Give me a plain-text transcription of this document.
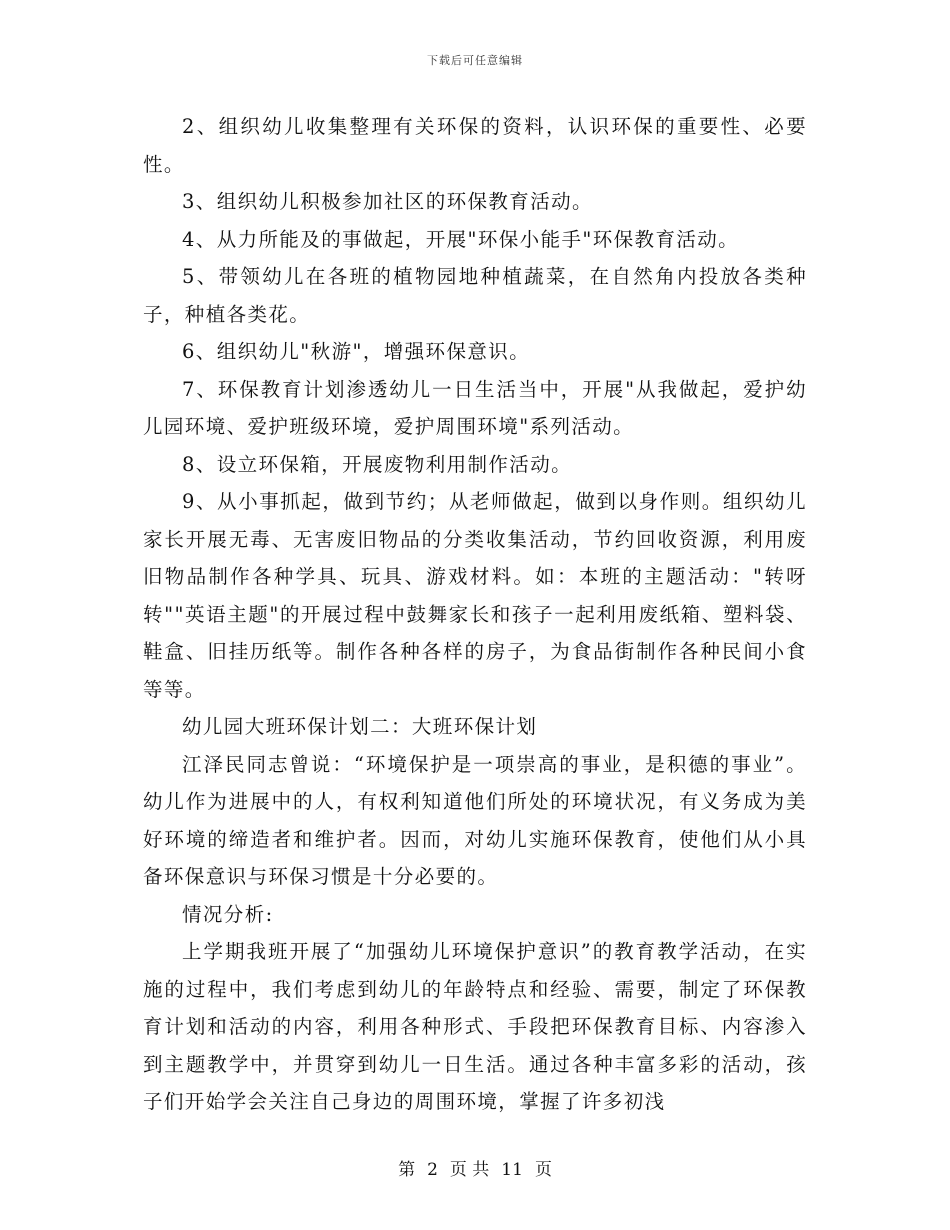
下载后可任意编辑

2、组织幼儿收集整理有关环保的资料，认识环保的重要性、必要性。

3、组织幼儿积极参加社区的环保教育活动。

4、从力所能及的事做起，开展"环保小能手"环保教育活动。

5、带领幼儿在各班的植物园地种植蔬菜，在自然角内投放各类种子，种植各类花。

6、组织幼儿"秋游"，增强环保意识。

7、环保教育计划渗透幼儿一日生活当中，开展"从我做起，爱护幼儿园环境、爱护班级环境，爱护周围环境"系列活动。

8、设立环保箱，开展废物利用制作活动。

9、从小事抓起，做到节约；从老师做起，做到以身作则。组织幼儿家长开展无毒、无害废旧物品的分类收集活动，节约回收资源，利用废旧物品制作各种学具、玩具、游戏材料。如：本班的主题活动："转呀转""英语主题"的开展过程中鼓舞家长和孩子一起利用废纸箱、塑料袋、鞋盒、旧挂历纸等。制作各种各样的房子，为食品街制作各种民间小食等等。

幼儿园大班环保计划二：大班环保计划

江泽民同志曾说：“环境保护是一项崇高的事业，是积德的事业”。幼儿作为进展中的人，有权利知道他们所处的环境状况，有义务成为美好环境的缔造者和维护者。因而，对幼儿实施环保教育，使他们从小具备环保意识与环保习惯是十分必要的。

情况分析:

上学期我班开展了“加强幼儿环境保护意识”的教育教学活动，在实施的过程中，我们考虑到幼儿的年龄特点和经验、需要，制定了环保教育计划和活动的内容，利用各种形式、手段把环保教育目标、内容渗入到主题教学中，并贯穿到幼儿一日生活。通过各种丰富多彩的活动，孩子们开始学会关注自己身边的周围环境，掌握了许多初浅

第 2 页 共 11 页
